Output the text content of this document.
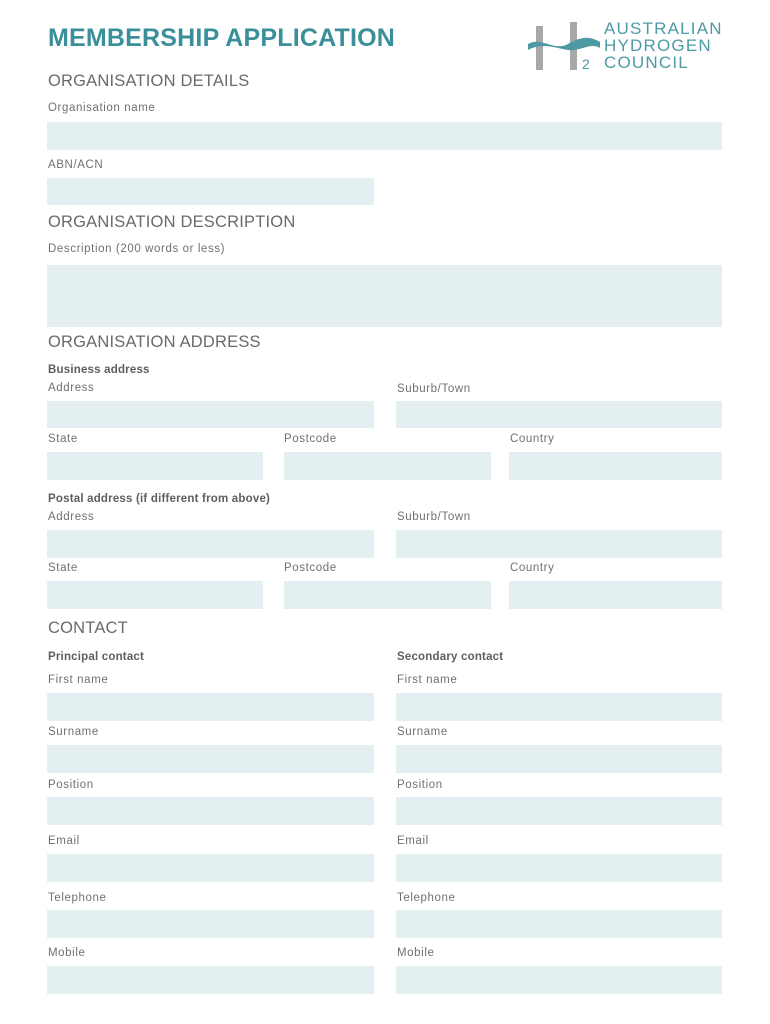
MEMBERSHIP APPLICATION
2
AUSTRALIAN
HYDROGEN
COUNCIL
ORGANISATION DETAILS
Organisation name
ABN/ACN
ORGANISATION DESCRIPTION
Description (200 words or less)
ORGANISATION ADDRESS
Business address
Address	Suburb/Town
State	Postcode	Country
Postal address (if different from above)
Address	Suburb/Town
State	Postcode	Country
CONTACT
Principal contact	Secondary contact
First name	First name
Surname	Surname
Position	Position
Email	Email
Telephone	Telephone
Mobile	Mobile
